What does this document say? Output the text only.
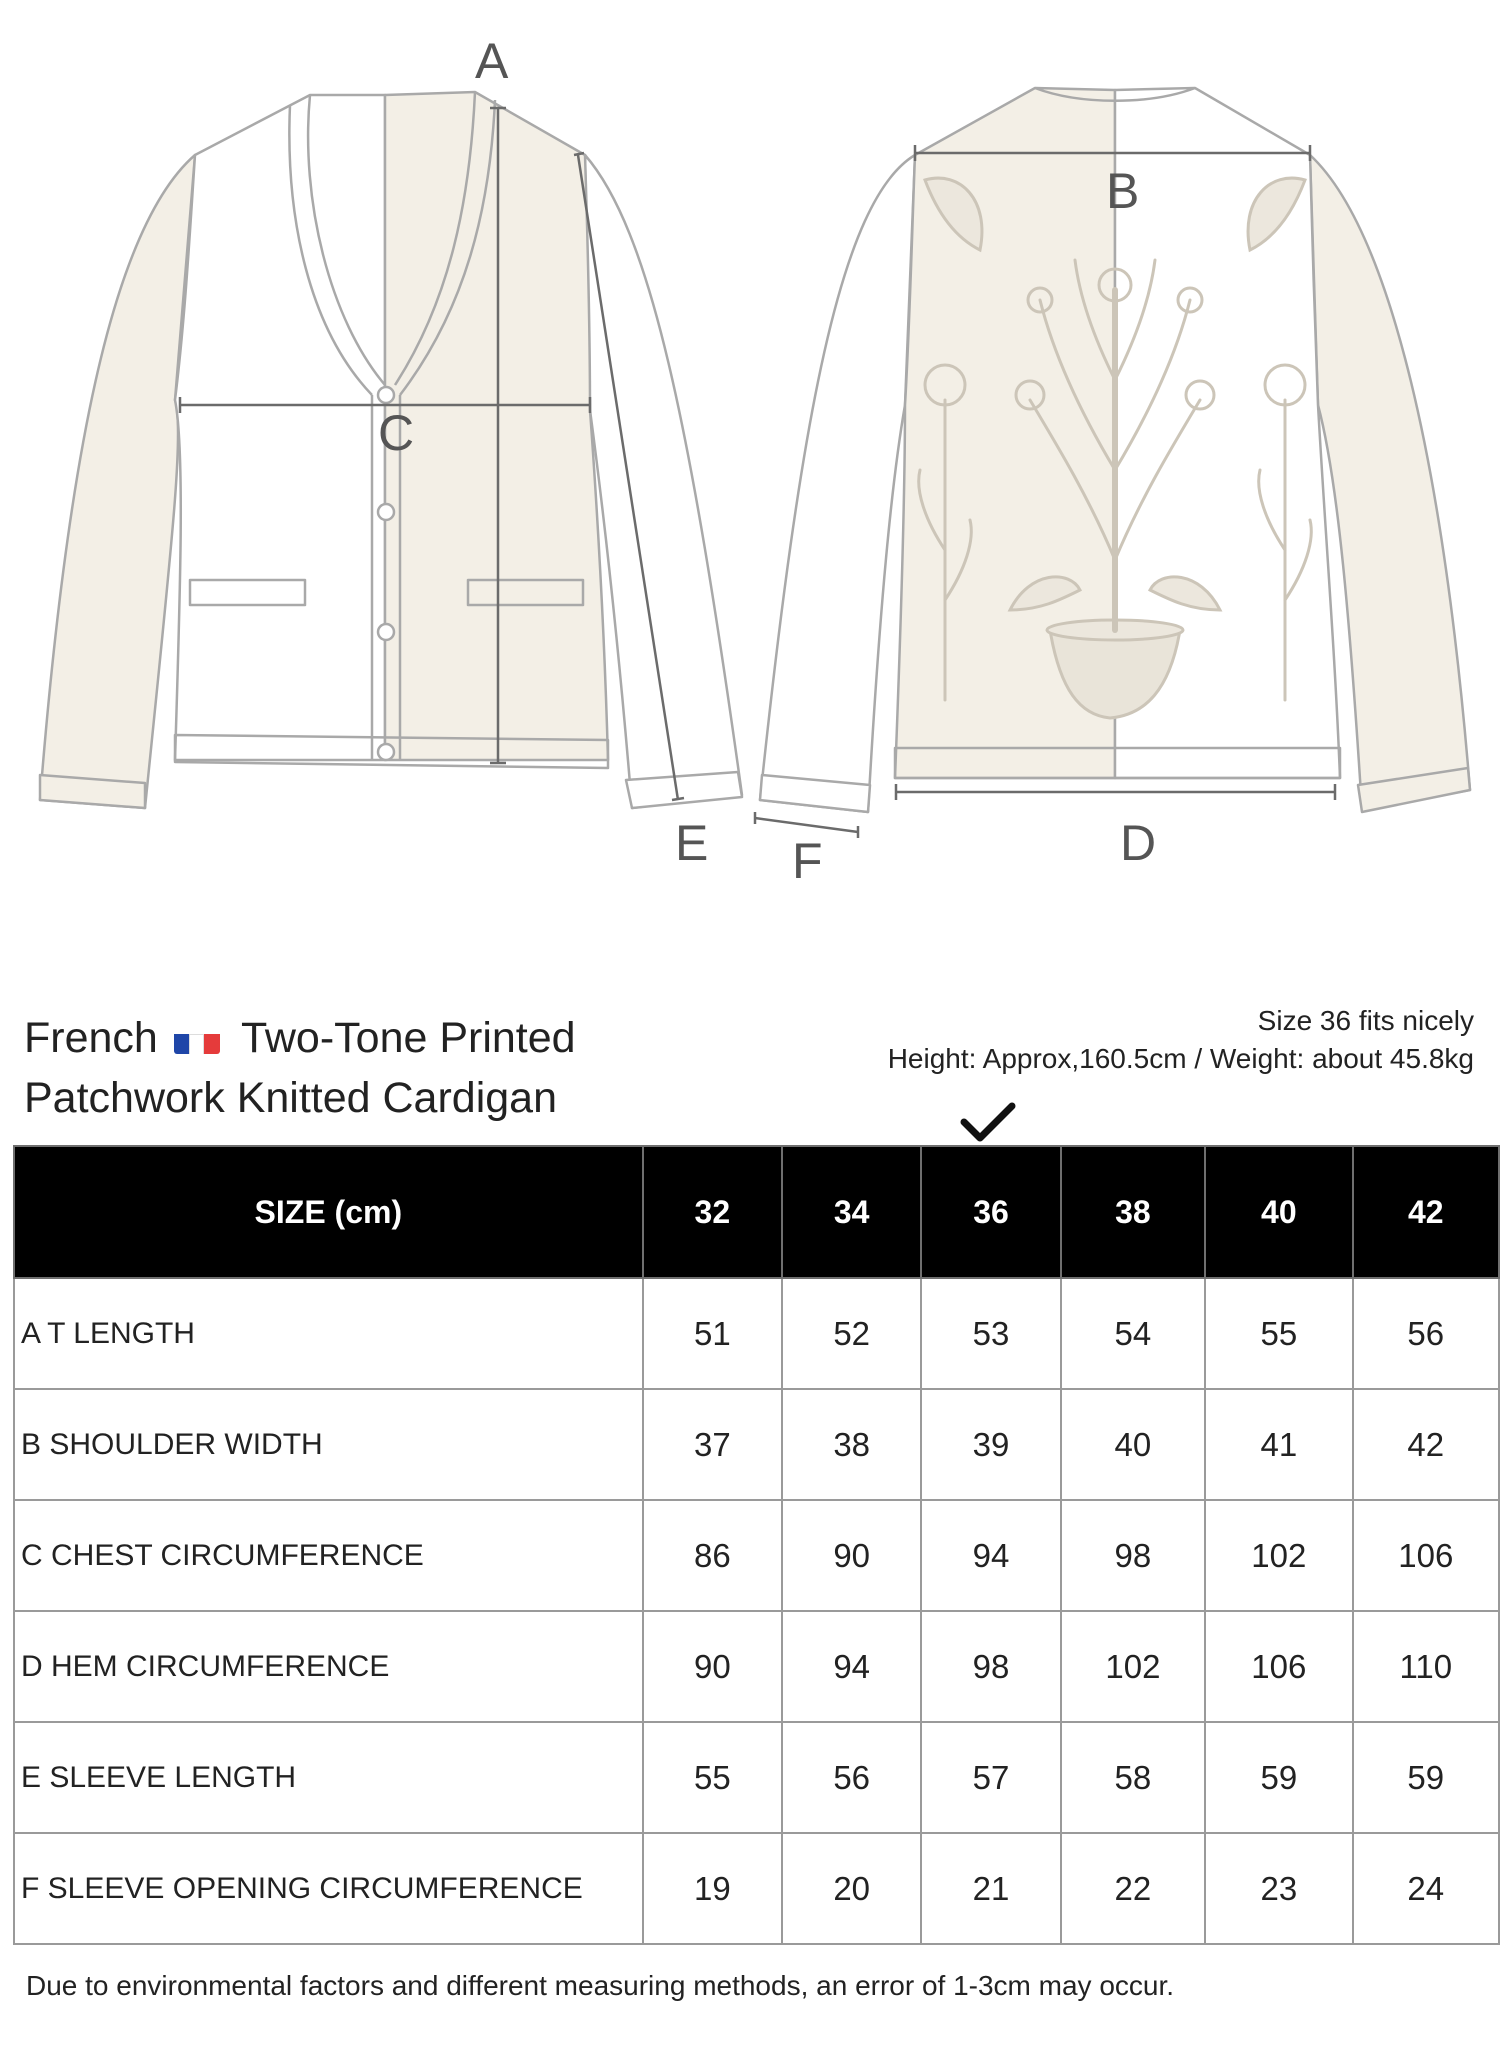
A
B
C
D
E F
French Two-Tone Printed
Patchwork Knitted Cardigan
Size 36 fits nicely
Height: Approx,160.5cm / Weight: about 45.8kg
SIZE (cm)	32	34	36	38	40	42
A T LENGTH	51	52	53	54	55	56
B SHOULDER WIDTH	37	38	39	40	41	42
C CHEST CIRCUMFERENCE	86	90	94	98	102	106
D HEM CIRCUMFERENCE	90	94	98	102	106	110
E SLEEVE LENGTH	55	56	57	58	59	59
F SLEEVE OPENING CIRCUMFERENCE	19	20	21	22	23	24
Due to environmental factors and different measuring methods, an error of 1-3cm may occur.
